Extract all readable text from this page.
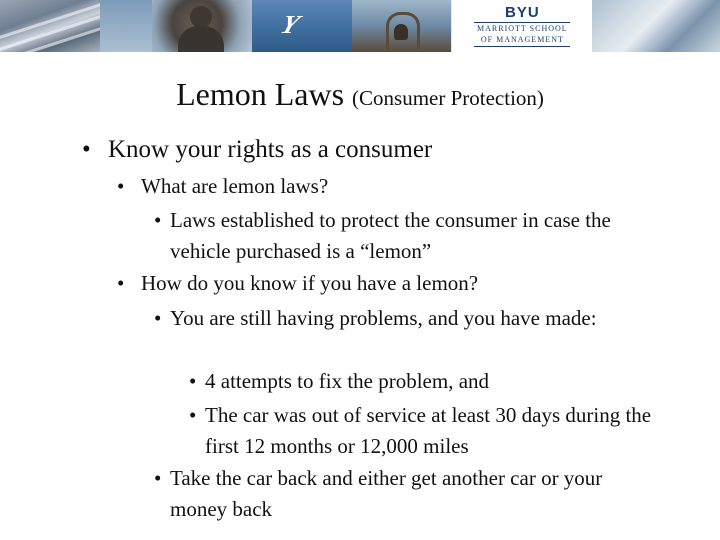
Y	BYU
MARRIOTT SCHOOL
OF MANAGEMENT
Lemon Laws (Consumer Protection)
• Know your rights as a consumer
• What are lemon laws?
• Laws established to protect the consumer in case the vehicle purchased is a “lemon”
• How do you know if you have a lemon?
• You are still having problems, and you have made:
• 4 attempts to fix the problem, and
• The car was out of service at least 30 days during the first 12 months or 12,000 miles
• Take the car back and either get another car or your money back
